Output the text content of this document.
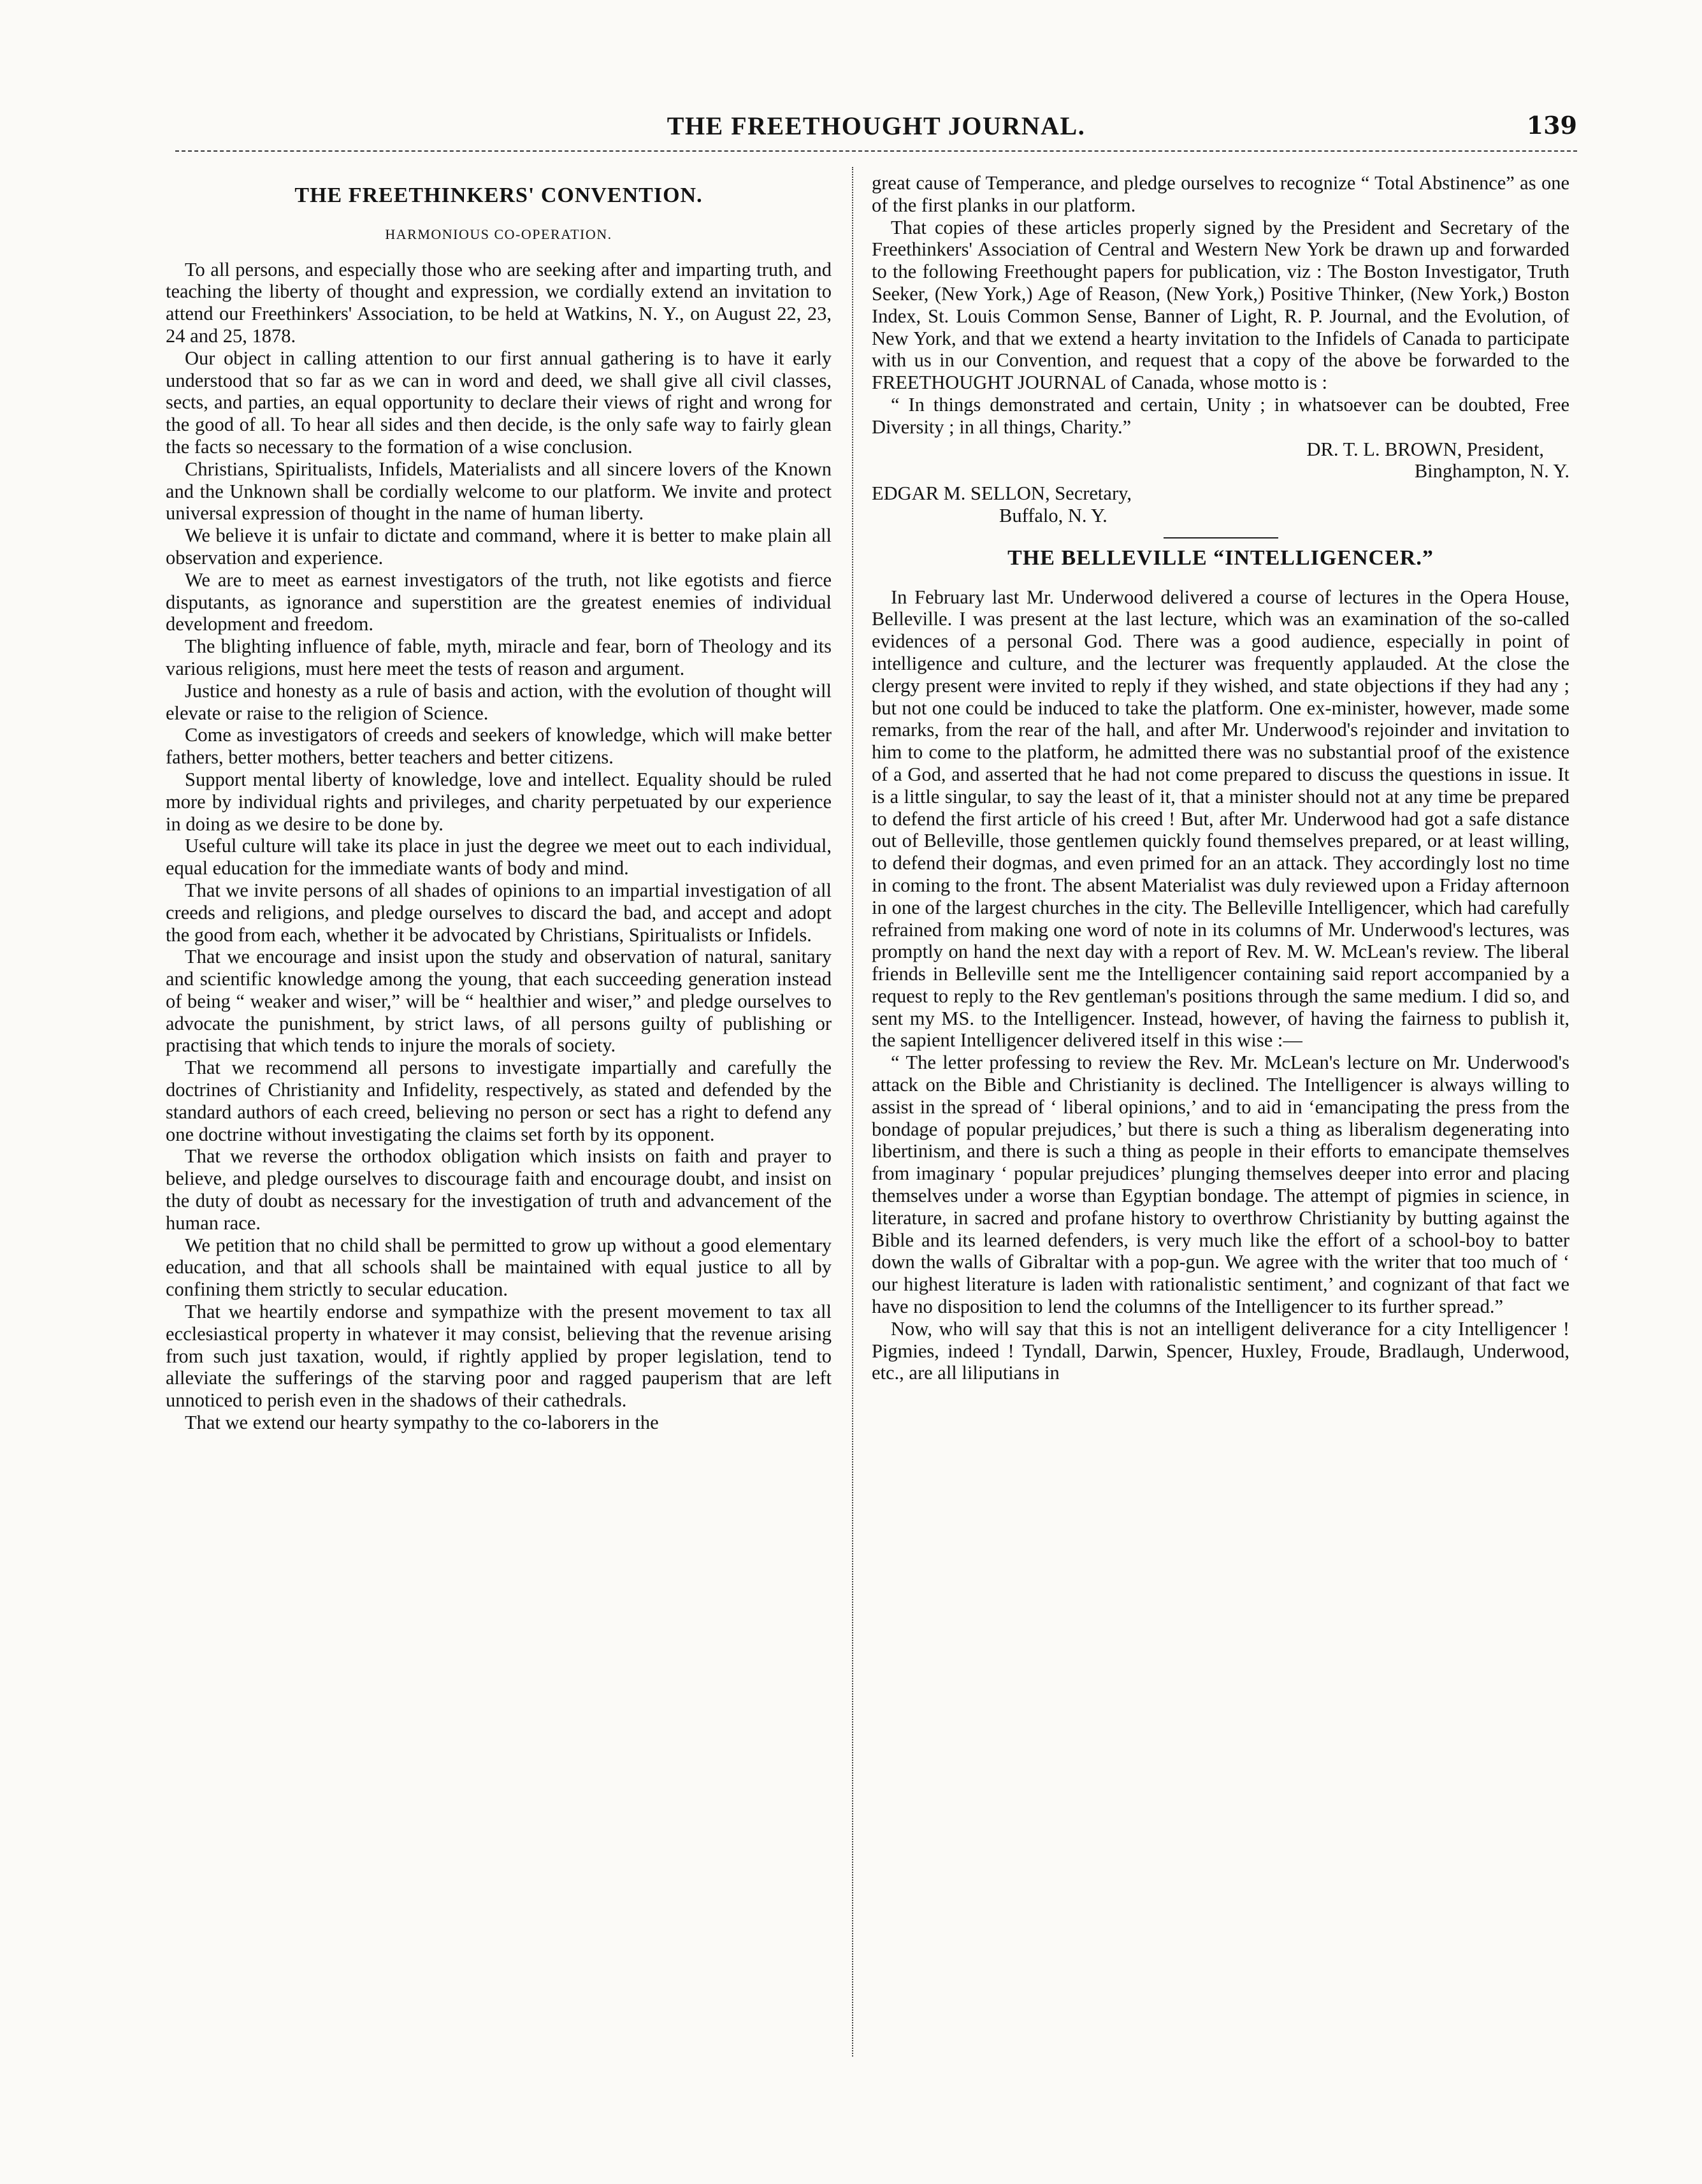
THE FREETHOUGHT JOURNAL.	139
THE FREETHINKERS' CONVENTION.
HARMONIOUS CO-OPERATION.

To all persons, and especially those who are seeking after and imparting truth, and teaching the liberty of thought and expression, we cordially extend an invitation to attend our Freethinkers' Association, to be held at Watkins, N. Y., on August 22, 23, 24 and 25, 1878.

Our object in calling attention to our first annual gathering is to have it early understood that so far as we can in word and deed, we shall give all civil classes, sects, and parties, an equal opportunity to declare their views of right and wrong for the good of all. To hear all sides and then decide, is the only safe way to fairly glean the facts so necessary to the formation of a wise conclusion.

Christians, Spiritualists, Infidels, Materialists and all sincere lovers of the Known and the Unknown shall be cordially welcome to our platform. We invite and protect universal expression of thought in the name of human liberty.

We believe it is unfair to dictate and command, where it is better to make plain all observation and experience.

We are to meet as earnest investigators of the truth, not like egotists and fierce disputants, as ignorance and superstition are the greatest enemies of individual development and freedom.

The blighting influence of fable, myth, miracle and fear, born of Theology and its various religions, must here meet the tests of reason and argument.

Justice and honesty as a rule of basis and action, with the evolution of thought will elevate or raise to the religion of Science.

Come as investigators of creeds and seekers of knowledge, which will make better fathers, better mothers, better teachers and better citizens.

Support mental liberty of knowledge, love and intellect. Equality should be ruled more by individual rights and privileges, and charity perpetuated by our experience in doing as we desire to be done by.

Useful culture will take its place in just the degree we meet out to each individual, equal education for the immediate wants of body and mind.

That we invite persons of all shades of opinions to an impartial investigation of all creeds and religions, and pledge ourselves to discard the bad, and accept and adopt the good from each, whether it be advocated by Christians, Spiritualists or Infidels.

That we encourage and insist upon the study and observation of natural, sanitary and scientific knowledge among the young, that each succeeding generation instead of being “ weaker and wiser,” will be “ healthier and wiser,” and pledge ourselves to advocate the punishment, by strict laws, of all persons guilty of publishing or practising that which tends to injure the morals of society.

That we recommend all persons to investigate impartially and carefully the doctrines of Christianity and Infidelity, respectively, as stated and defended by the standard authors of each creed, believing no person or sect has a right to defend any one doctrine without investigating the claims set forth by its opponent.

That we reverse the orthodox obligation which insists on faith and prayer to believe, and pledge ourselves to discourage faith and encourage doubt, and insist on the duty of doubt as necessary for the investigation of truth and advancement of the human race.

We petition that no child shall be permitted to grow up without a good elementary education, and that all schools shall be maintained with equal justice to all by confining them strictly to secular education.

That we heartily endorse and sympathize with the present movement to tax all ecclesiastical property in whatever it may consist, believing that the revenue arising from such just taxation, would, if rightly applied by proper legislation, tend to alleviate the sufferings of the starving poor and ragged pauperism that are left unnoticed to perish even in the shadows of their cathedrals.

That we extend our hearty sympathy to the co-laborers in the

great cause of Temperance, and pledge ourselves to recognize “ Total Abstinence” as one of the first planks in our platform.

That copies of these articles properly signed by the President and Secretary of the Freethinkers' Association of Central and Western New York be drawn up and forwarded to the following Freethought papers for publication, viz : The Boston Investigator, Truth Seeker, (New York,) Age of Reason, (New York,) Positive Thinker, (New York,) Boston Index, St. Louis Common Sense, Banner of Light, R. P. Journal, and the Evolution, of New York, and that we extend a hearty invitation to the Infidels of Canada to participate with us in our Convention, and request that a copy of the above be forwarded to the FREETHOUGHT JOURNAL of Canada, whose motto is :

“ In things demonstrated and certain, Unity ; in whatsoever can be doubted, Free Diversity ; in all things, Charity.”

DR. T. L. BROWN, President,

Binghampton, N. Y.

EDGAR M. SELLON, Secretary,

Buffalo, N. Y.

THE BELLEVILLE “INTELLIGENCER.”

In February last Mr. Underwood delivered a course of lectures in the Opera House, Belleville. I was present at the last lecture, which was an examination of the so-called evidences of a personal God. There was a good audience, especially in point of intelligence and culture, and the lecturer was frequently applauded. At the close the clergy present were invited to reply if they wished, and state objections if they had any ; but not one could be induced to take the platform. One ex-minister, however, made some remarks, from the rear of the hall, and after Mr. Underwood's rejoinder and invitation to him to come to the platform, he admitted there was no substantial proof of the existence of a God, and asserted that he had not come prepared to discuss the questions in issue. It is a little singular, to say the least of it, that a minister should not at any time be prepared to defend the first article of his creed ! But, after Mr. Underwood had got a safe distance out of Belleville, those gentlemen quickly found themselves prepared, or at least willing, to defend their dogmas, and even primed for an an attack. They accordingly lost no time in coming to the front. The absent Materialist was duly reviewed upon a Friday afternoon in one of the largest churches in the city. The Belleville Intelligencer, which had carefully refrained from making one word of note in its columns of Mr. Underwood's lectures, was promptly on hand the next day with a report of Rev. M. W. McLean's review. The liberal friends in Belleville sent me the Intelligencer containing said report accompanied by a request to reply to the Rev gentleman's positions through the same medium. I did so, and sent my MS. to the Intelligencer. Instead, however, of having the fairness to publish it, the sapient Intelligencer delivered itself in this wise :—

“ The letter professing to review the Rev. Mr. McLean's lecture on Mr. Underwood's attack on the Bible and Christianity is declined. The Intelligencer is always willing to assist in the spread of ‘ liberal opinions,’ and to aid in ‘emancipating the press from the bondage of popular prejudices,’ but there is such a thing as liberalism degenerating into libertinism, and there is such a thing as people in their efforts to emancipate themselves from imaginary ‘ popular prejudices’ plunging themselves deeper into error and placing themselves under a worse than Egyptian bondage. The attempt of pigmies in science, in literature, in sacred and profane history to overthrow Christianity by butting against the Bible and its learned defenders, is very much like the effort of a school-boy to batter down the walls of Gibraltar with a pop-gun. We agree with the writer that too much of ‘ our highest literature is laden with rationalistic sentiment,’ and cognizant of that fact we have no disposition to lend the columns of the Intelligencer to its further spread.”

Now, who will say that this is not an intelligent deliverance for a city Intelligencer ! Pigmies, indeed ! Tyndall, Darwin, Spencer, Huxley, Froude, Bradlaugh, Underwood, etc., are all liliputians in
